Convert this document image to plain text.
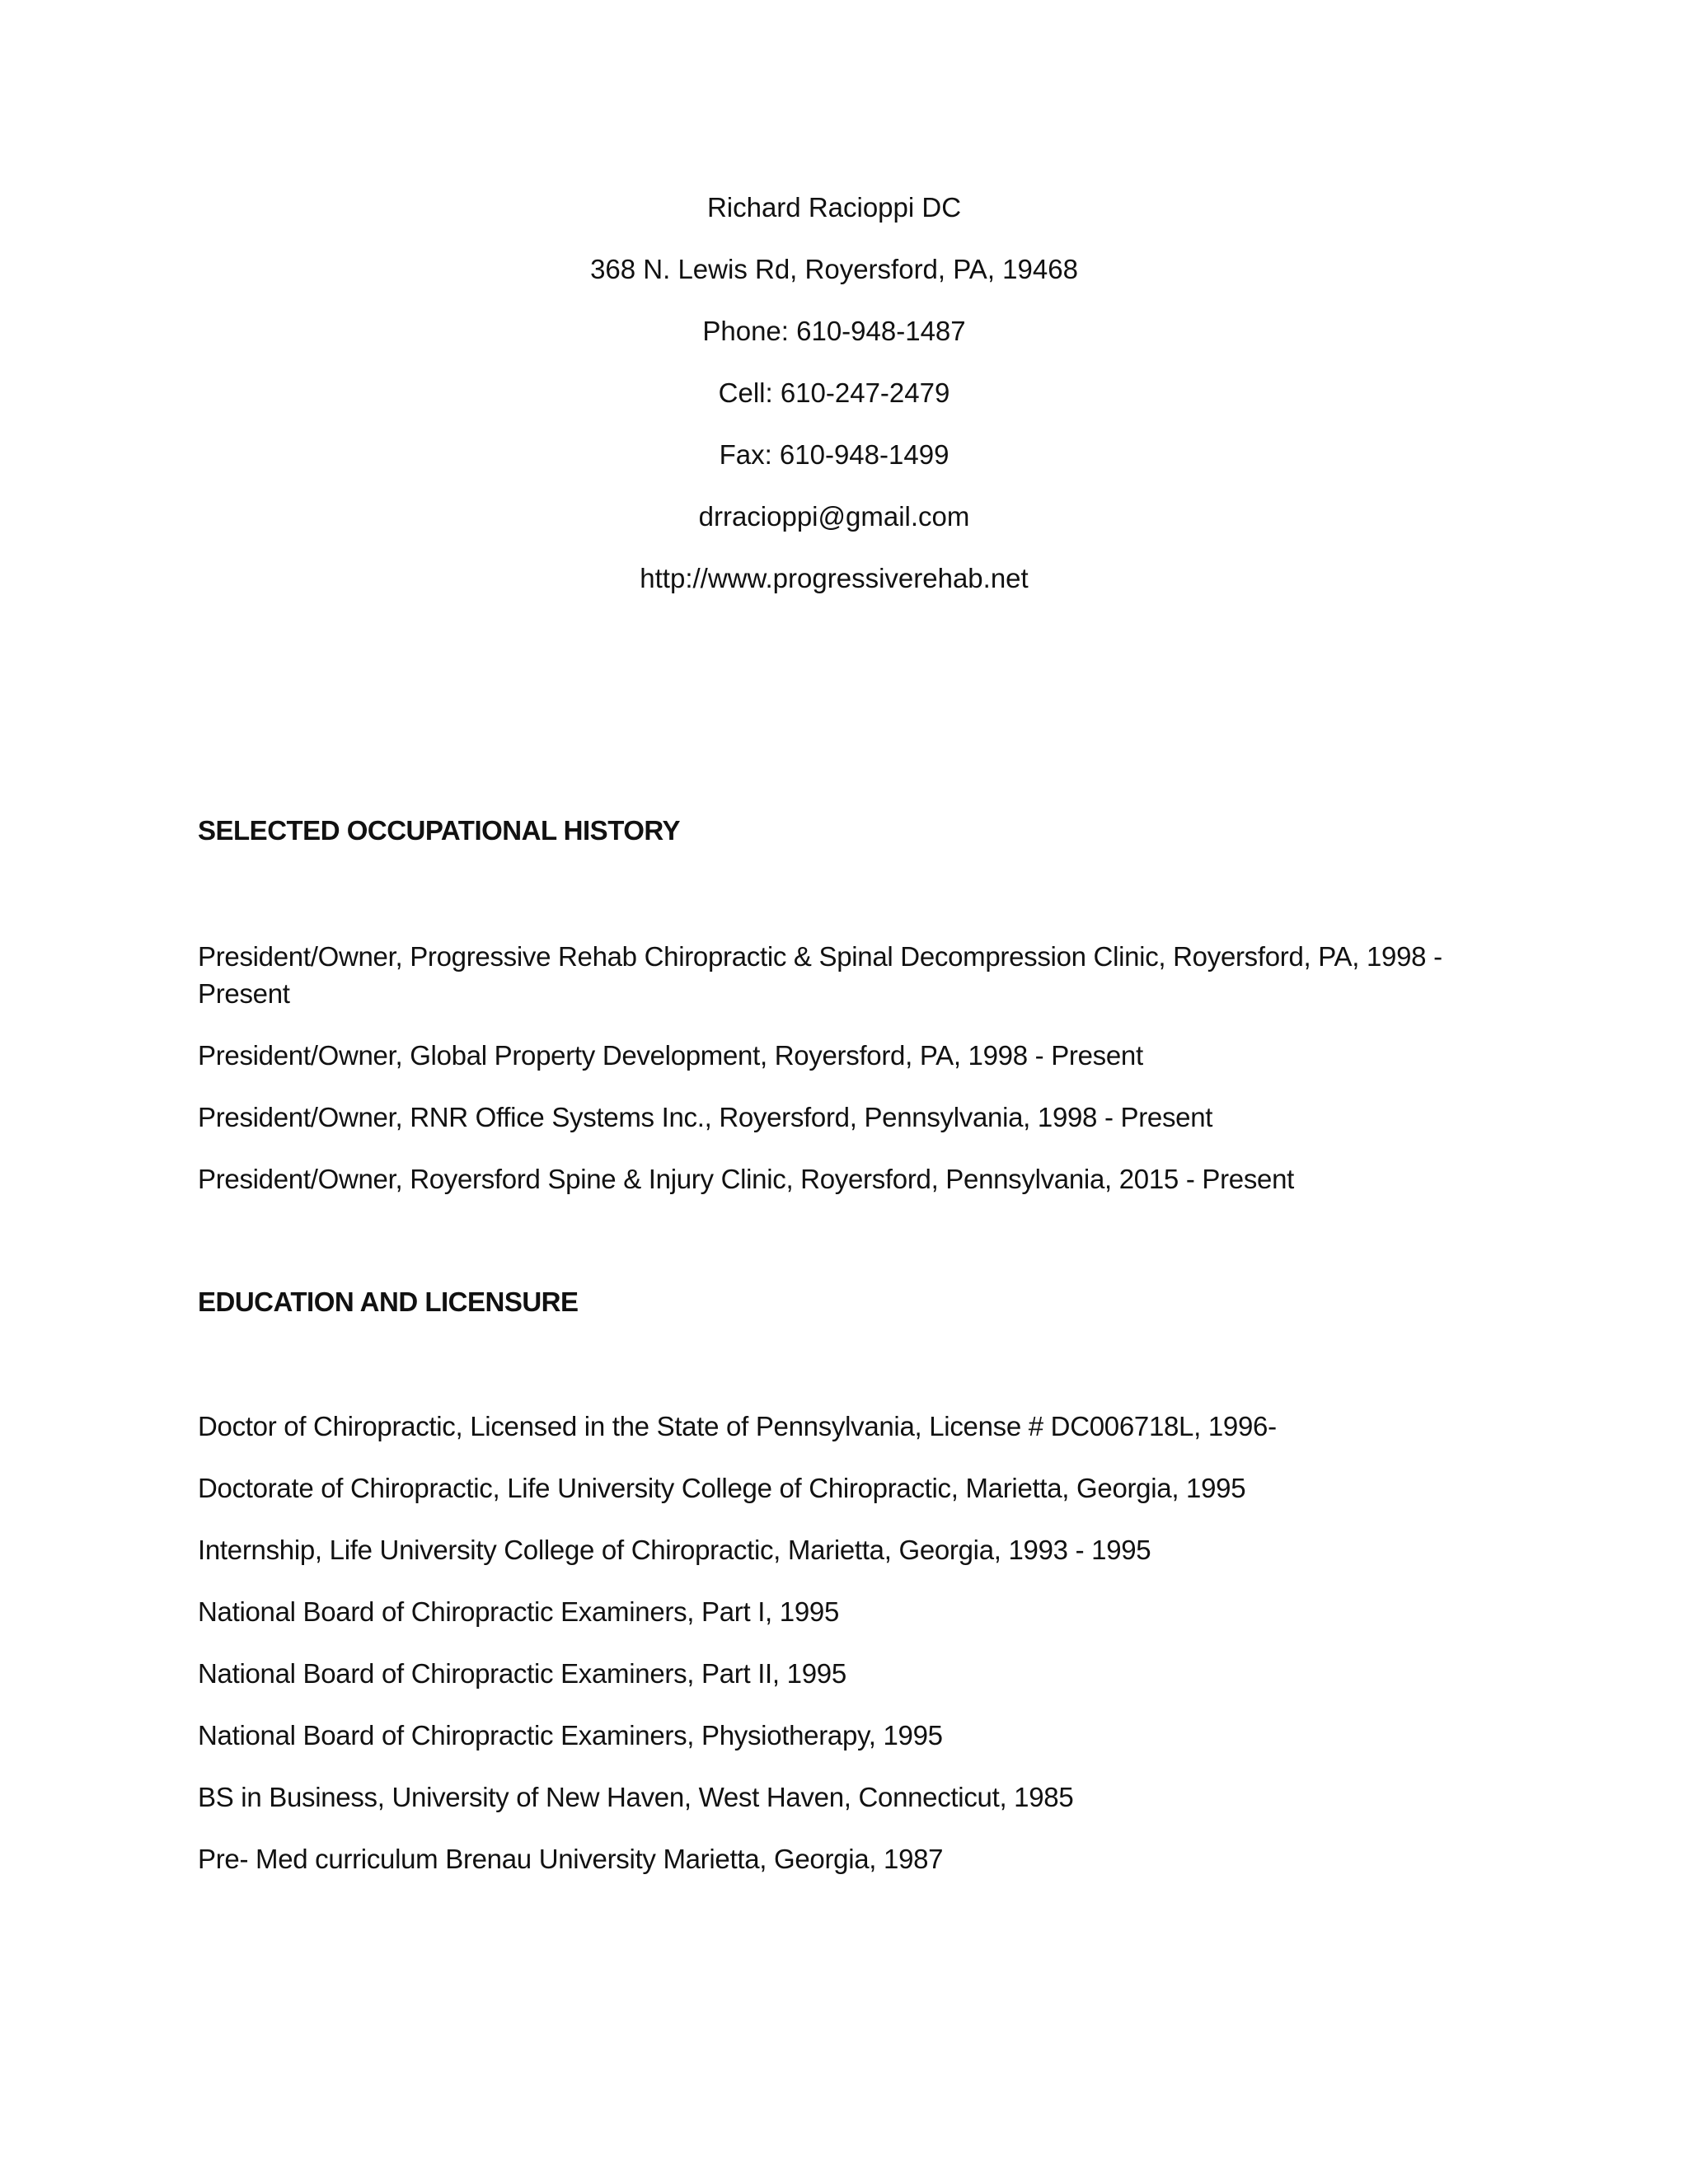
Richard Racioppi DC
368 N. Lewis Rd, Royersford, PA, 19468
Phone: 610-948-1487
Cell: 610-247-2479
Fax: 610-948-1499
drracioppi@gmail.com
http://www.progressiverehab.net
SELECTED OCCUPATIONAL HISTORY
President/Owner, Progressive Rehab Chiropractic & Spinal Decompression Clinic, Royersford, PA, 1998 - Present
President/Owner, Global Property Development, Royersford, PA, 1998 - Present
President/Owner, RNR Office Systems Inc., Royersford, Pennsylvania, 1998 - Present
President/Owner, Royersford Spine & Injury Clinic, Royersford, Pennsylvania, 2015 - Present
EDUCATION AND LICENSURE
Doctor of Chiropractic, Licensed in the State of Pennsylvania, License # DC006718L, 1996-
Doctorate of Chiropractic, Life University College of Chiropractic, Marietta, Georgia, 1995
Internship, Life University College of Chiropractic, Marietta, Georgia, 1993 - 1995
National Board of Chiropractic Examiners, Part I, 1995
National Board of Chiropractic Examiners, Part II, 1995
National Board of Chiropractic Examiners, Physiotherapy, 1995
BS in Business, University of New Haven, West Haven, Connecticut, 1985
Pre- Med curriculum Brenau University Marietta, Georgia, 1987
